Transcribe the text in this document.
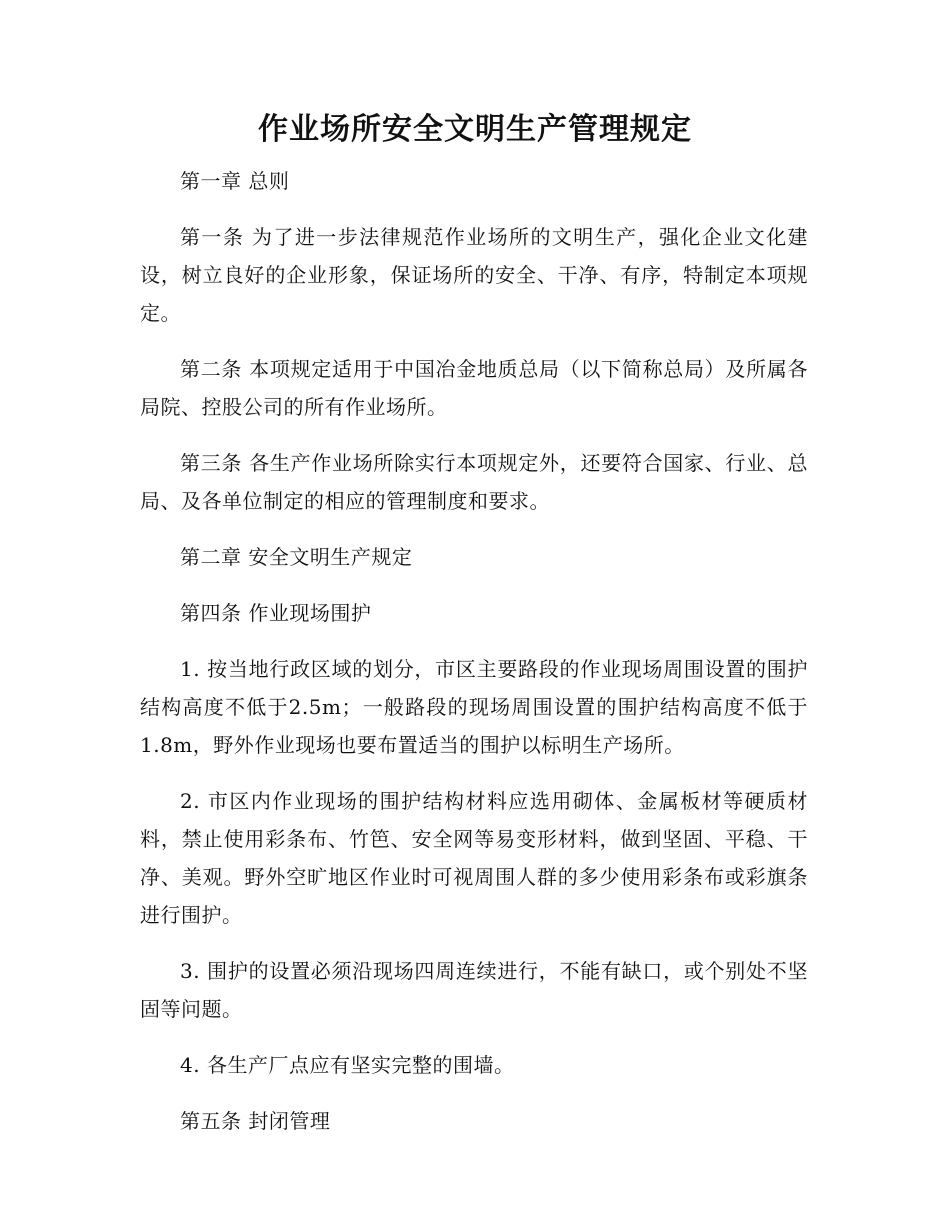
作业场所安全文明生产管理规定

第一章 总则

第一条 为了进一步法律规范作业场所的文明生产，强化企业文化建设，树立良好的企业形象，保证场所的安全、干净、有序，特制定本项规定。

第二条 本项规定适用于中国冶金地质总局（以下简称总局）及所属各局院、控股公司的所有作业场所。

第三条 各生产作业场所除实行本项规定外，还要符合国家、行业、总局、及各单位制定的相应的管理制度和要求。

第二章 安全文明生产规定

第四条 作业现场围护

1. 按当地行政区域的划分，市区主要路段的作业现场周围设置的围护结构高度不低于2.5m；一般路段的现场周围设置的围护结构高度不低于1.8m，野外作业现场也要布置适当的围护以标明生产场所。

2. 市区内作业现场的围护结构材料应选用砌体、金属板材等硬质材料，禁止使用彩条布、竹笆、安全网等易变形材料，做到坚固、平稳、干净、美观。野外空旷地区作业时可视周围人群的多少使用彩条布或彩旗条进行围护。

3. 围护的设置必须沿现场四周连续进行，不能有缺口，或个别处不坚固等问题。

4. 各生产厂点应有坚实完整的围墙。

第五条 封闭管理
